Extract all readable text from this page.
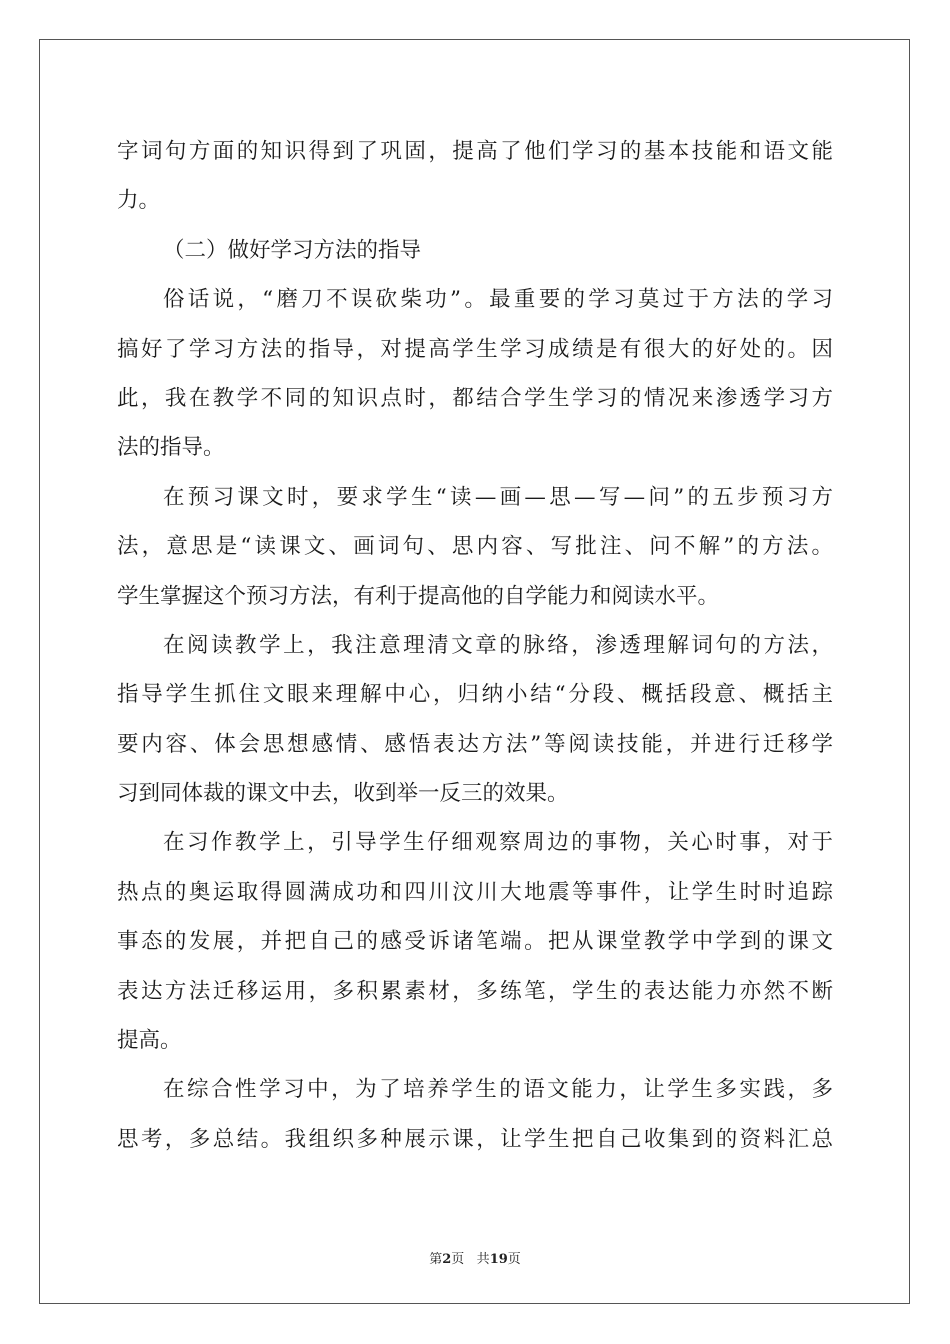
字词句方面的知识得到了巩固，提高了他们学习的基本技能和语文能
力。
（二）做好学习方法的指导
俗话说，“磨刀不误砍柴功”。最重要的学习莫过于方法的学习
搞好了学习方法的指导，对提高学生学习成绩是有很大的好处的。因
此，我在教学不同的知识点时，都结合学生学习的情况来渗透学习方
法的指导。
在预习课文时，要求学生“读—画—思—写—问”的五步预习方
法，意思是“读课文、画词句、思内容、写批注、问不解”的方法。
学生掌握这个预习方法，有利于提高他的自学能力和阅读水平。
在阅读教学上，我注意理清文章的脉络，渗透理解词句的方法，
指导学生抓住文眼来理解中心，归纳小结“分段、概括段意、概括主
要内容、体会思想感情、感悟表达方法”等阅读技能，并进行迁移学
习到同体裁的课文中去，收到举一反三的效果。
在习作教学上，引导学生仔细观察周边的事物，关心时事，对于
热点的奥运取得圆满成功和四川汶川大地震等事件，让学生时时追踪
事态的发展，并把自己的感受诉诸笔端。把从课堂教学中学到的课文
表达方法迁移运用，多积累素材，多练笔，学生的表达能力亦然不断
提高。
在综合性学习中，为了培养学生的语文能力，让学生多实践，多
思考，多总结。我组织多种展示课，让学生把自己收集到的资料汇总
第2页 共19页
